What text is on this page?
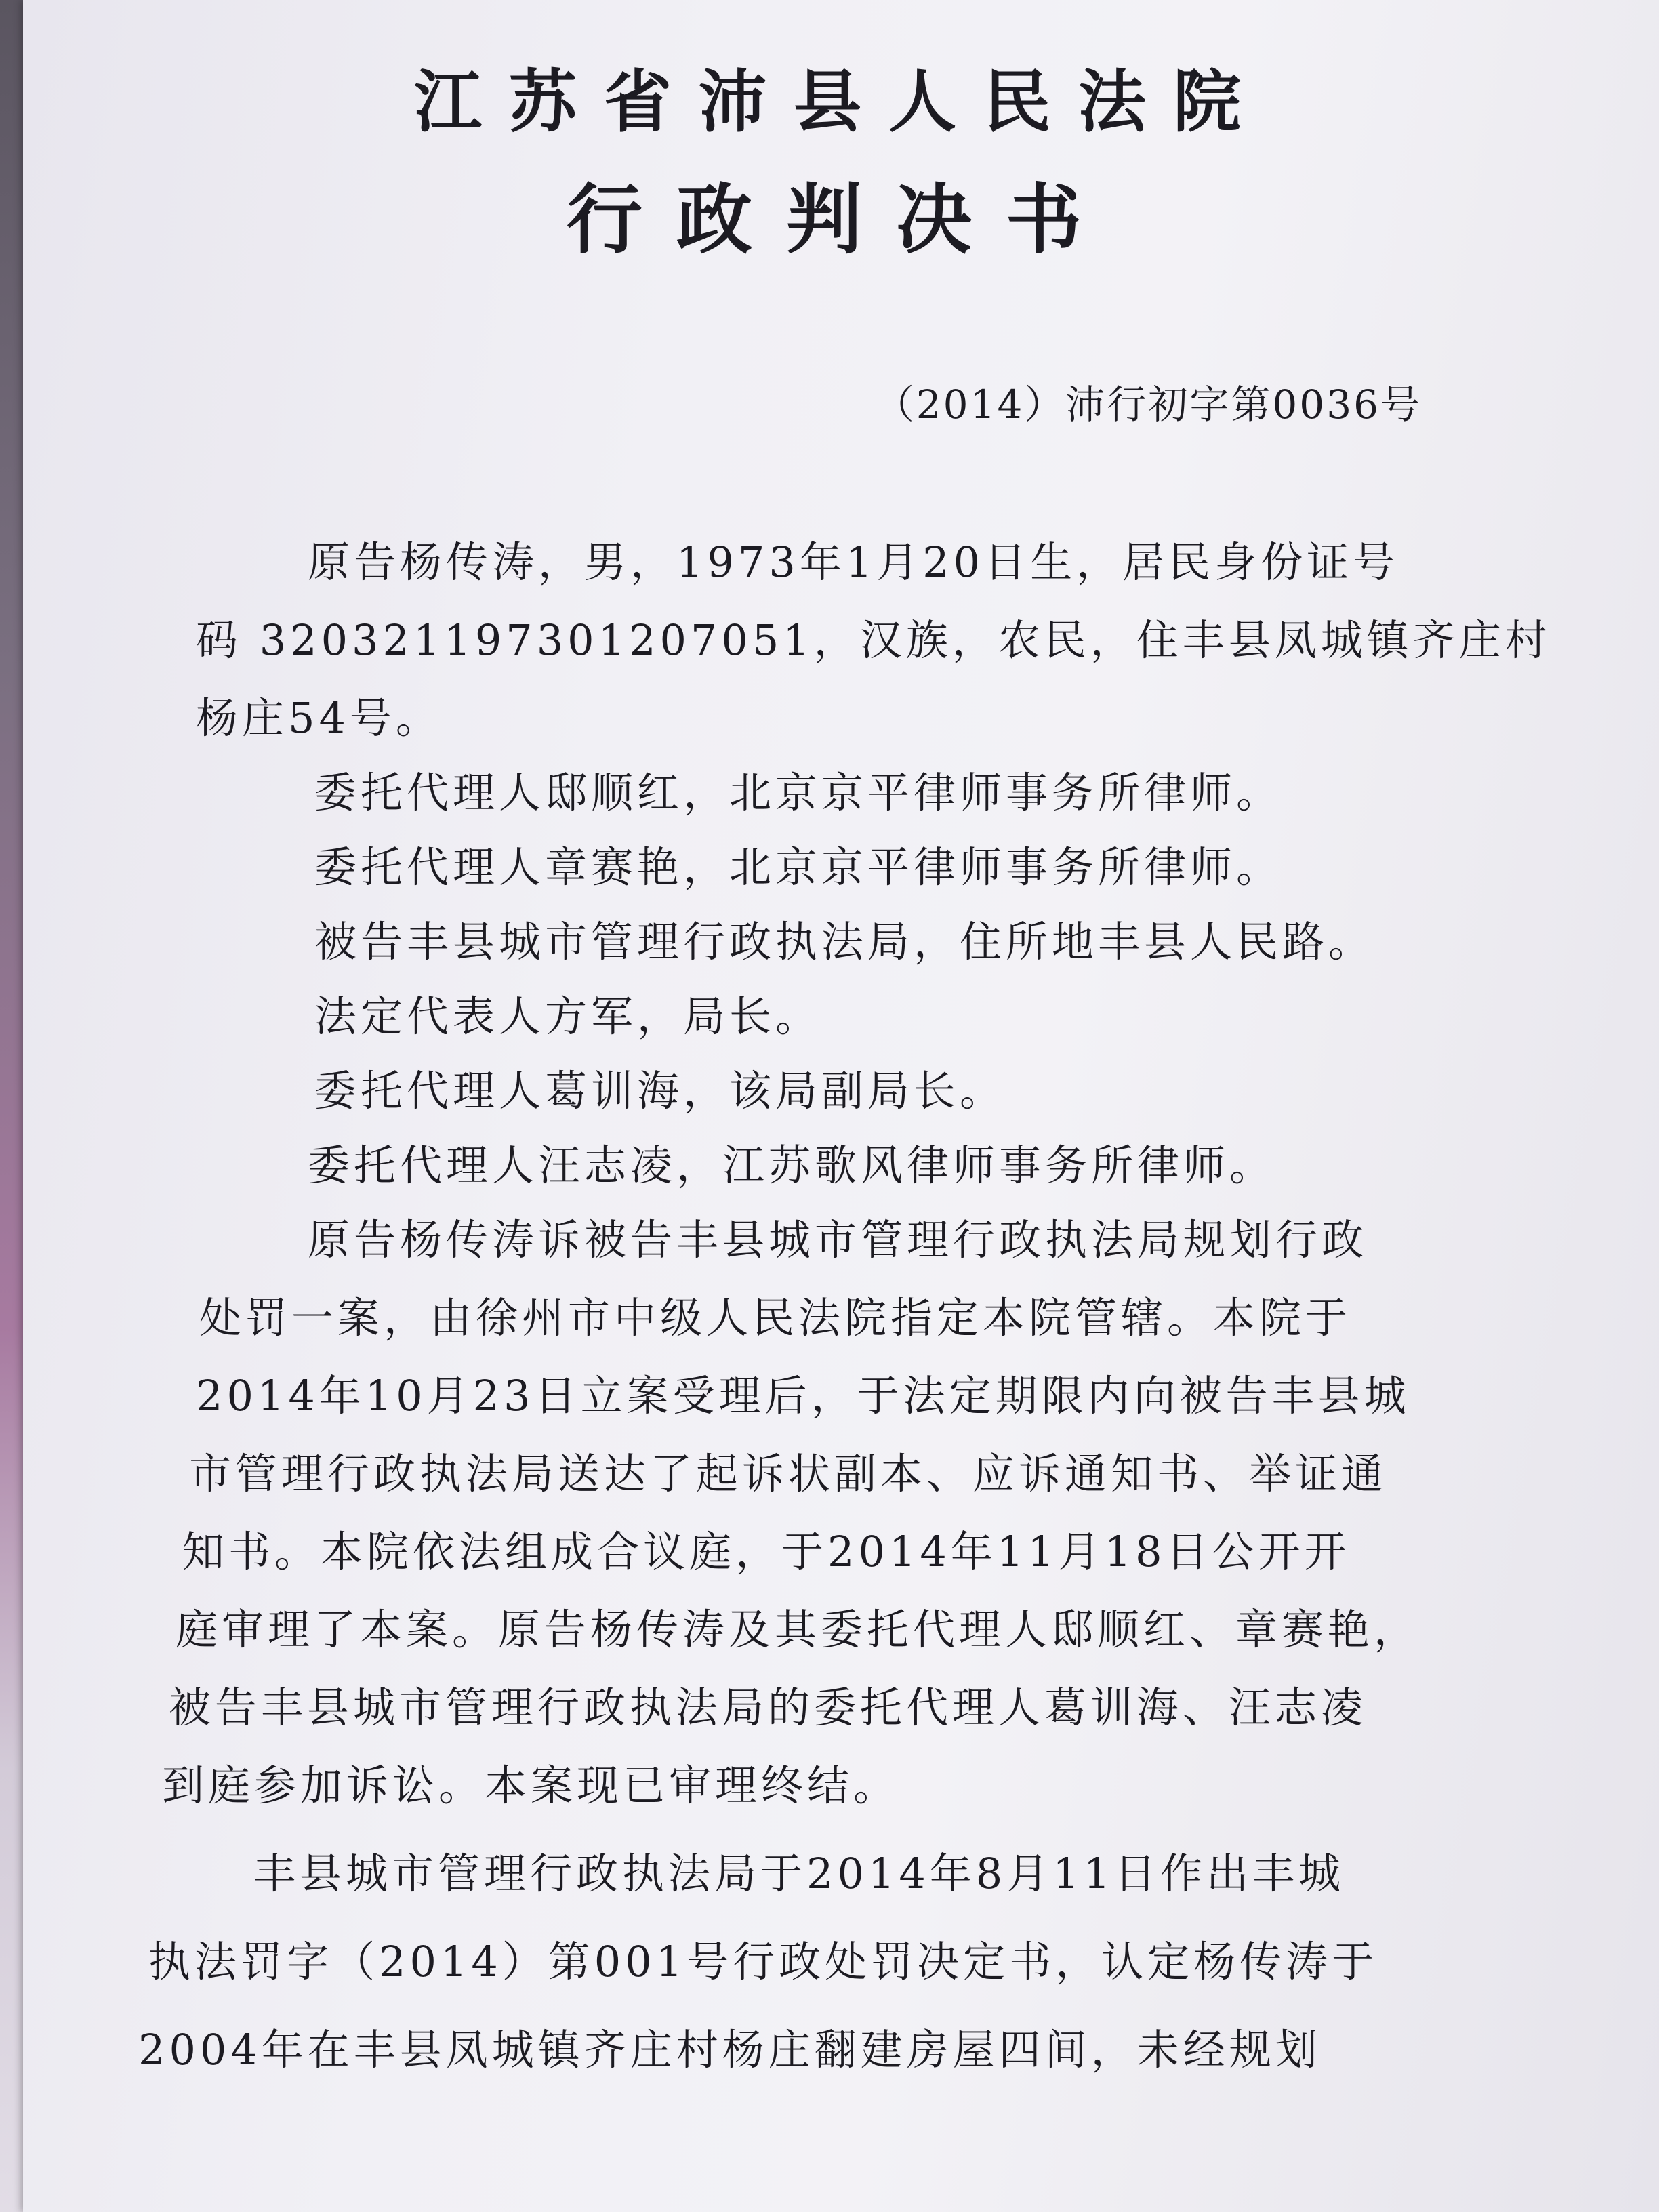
江苏省沛县人民法院
行政判决书
（2014）沛行初字第0036号
原告杨传涛，男，1973年1月20日生，居民身份证号
码 320321197301207051，汉族，农民，住丰县凤城镇齐庄村
杨庄54号。
委托代理人邸顺红，北京京平律师事务所律师。
委托代理人章赛艳，北京京平律师事务所律师。
被告丰县城市管理行政执法局，住所地丰县人民路。
法定代表人方军，局长。
委托代理人葛训海，该局副局长。
委托代理人汪志凌，江苏歌风律师事务所律师。
原告杨传涛诉被告丰县城市管理行政执法局规划行政
处罚一案，由徐州市中级人民法院指定本院管辖。本院于
2014年10月23日立案受理后，于法定期限内向被告丰县城
市管理行政执法局送达了起诉状副本、应诉通知书、举证通
知书。本院依法组成合议庭，于2014年11月18日公开开
庭审理了本案。原告杨传涛及其委托代理人邸顺红、章赛艳，
被告丰县城市管理行政执法局的委托代理人葛训海、汪志凌
到庭参加诉讼。本案现已审理终结。
丰县城市管理行政执法局于2014年8月11日作出丰城
执法罚字（2014）第001号行政处罚决定书，认定杨传涛于
2004年在丰县凤城镇齐庄村杨庄翻建房屋四间，未经规划
